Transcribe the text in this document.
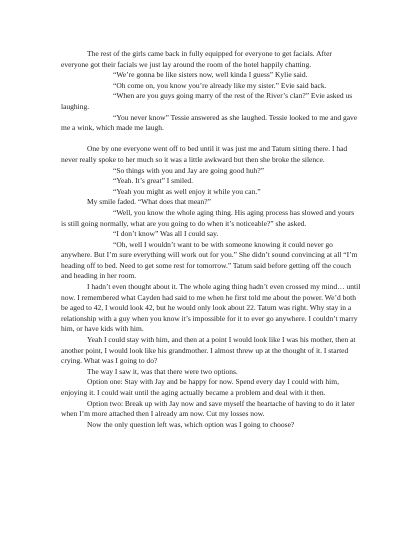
The rest of the girls came back in fully equipped for everyone to get facials. After everyone got their facials we just lay around the room of the hotel happily chatting.

“We’re gonna be like sisters now, well kinda I guess” Kylie said.

“Oh come on, you know you’re already like my sister.” Evie said back.

“When are you guys going marry of the rest of the River’s clan?” Evie asked us laughing.

“You never know” Tessie answered as she laughed. Tessie looked to me and gave me a wink, which made me laugh.

One by one everyone went off to bed until it was just me and Tatum sitting there. I had never really spoke to her much so it was a little awkward but then she broke the silence.

“So things with you and Jay are going good huh?”

“Yeah. It’s great” I smiled.

“Yeah you might as well enjoy it while you can.”

My smile faded. “What does that mean?”

“Well, you know the whole aging thing. His aging process has slowed and yours is still going normally, what are you going to do when it’s noticeable?” she asked.

“I don’t know” Was all I could say.

“Oh, well I wouldn’t want to be with someone knowing it could never go anywhere. But I’m sure everything will work out for you.” She didn’t sound convincing at all “I’m heading off to bed. Need to get some rest for tomorrow.” Tatum said before getting off the couch and heading in her room.

I hadn’t even thought about it. The whole aging thing hadn’t even crossed my mind… until now. I remembered what Cayden had said to me when he first told me about the power. We’d both be aged to 42, I would look 42, but he would only look about 22. Tatum was right. Why stay in a relationship with a guy when you know it’s impossible for it to ever go anywhere. I couldn’t marry him, or have kids with him.

Yeah I could stay with him, and then at a point I would look like I was his mother, then at another point, I would look like his grandmother. I almost threw up at the thought of it. I started crying. What was I going to do?

The way I saw it, was that there were two options.

Option one: Stay with Jay and be happy for now. Spend every day I could with him, enjoying it. I could wait until the aging actually became a problem and deal with it then.

Option two: Break up with Jay now and save myself the heartache of having to do it later when I’m more attached then I already am now. Cut my losses now.

Now the only question left was, which option was I going to choose?
